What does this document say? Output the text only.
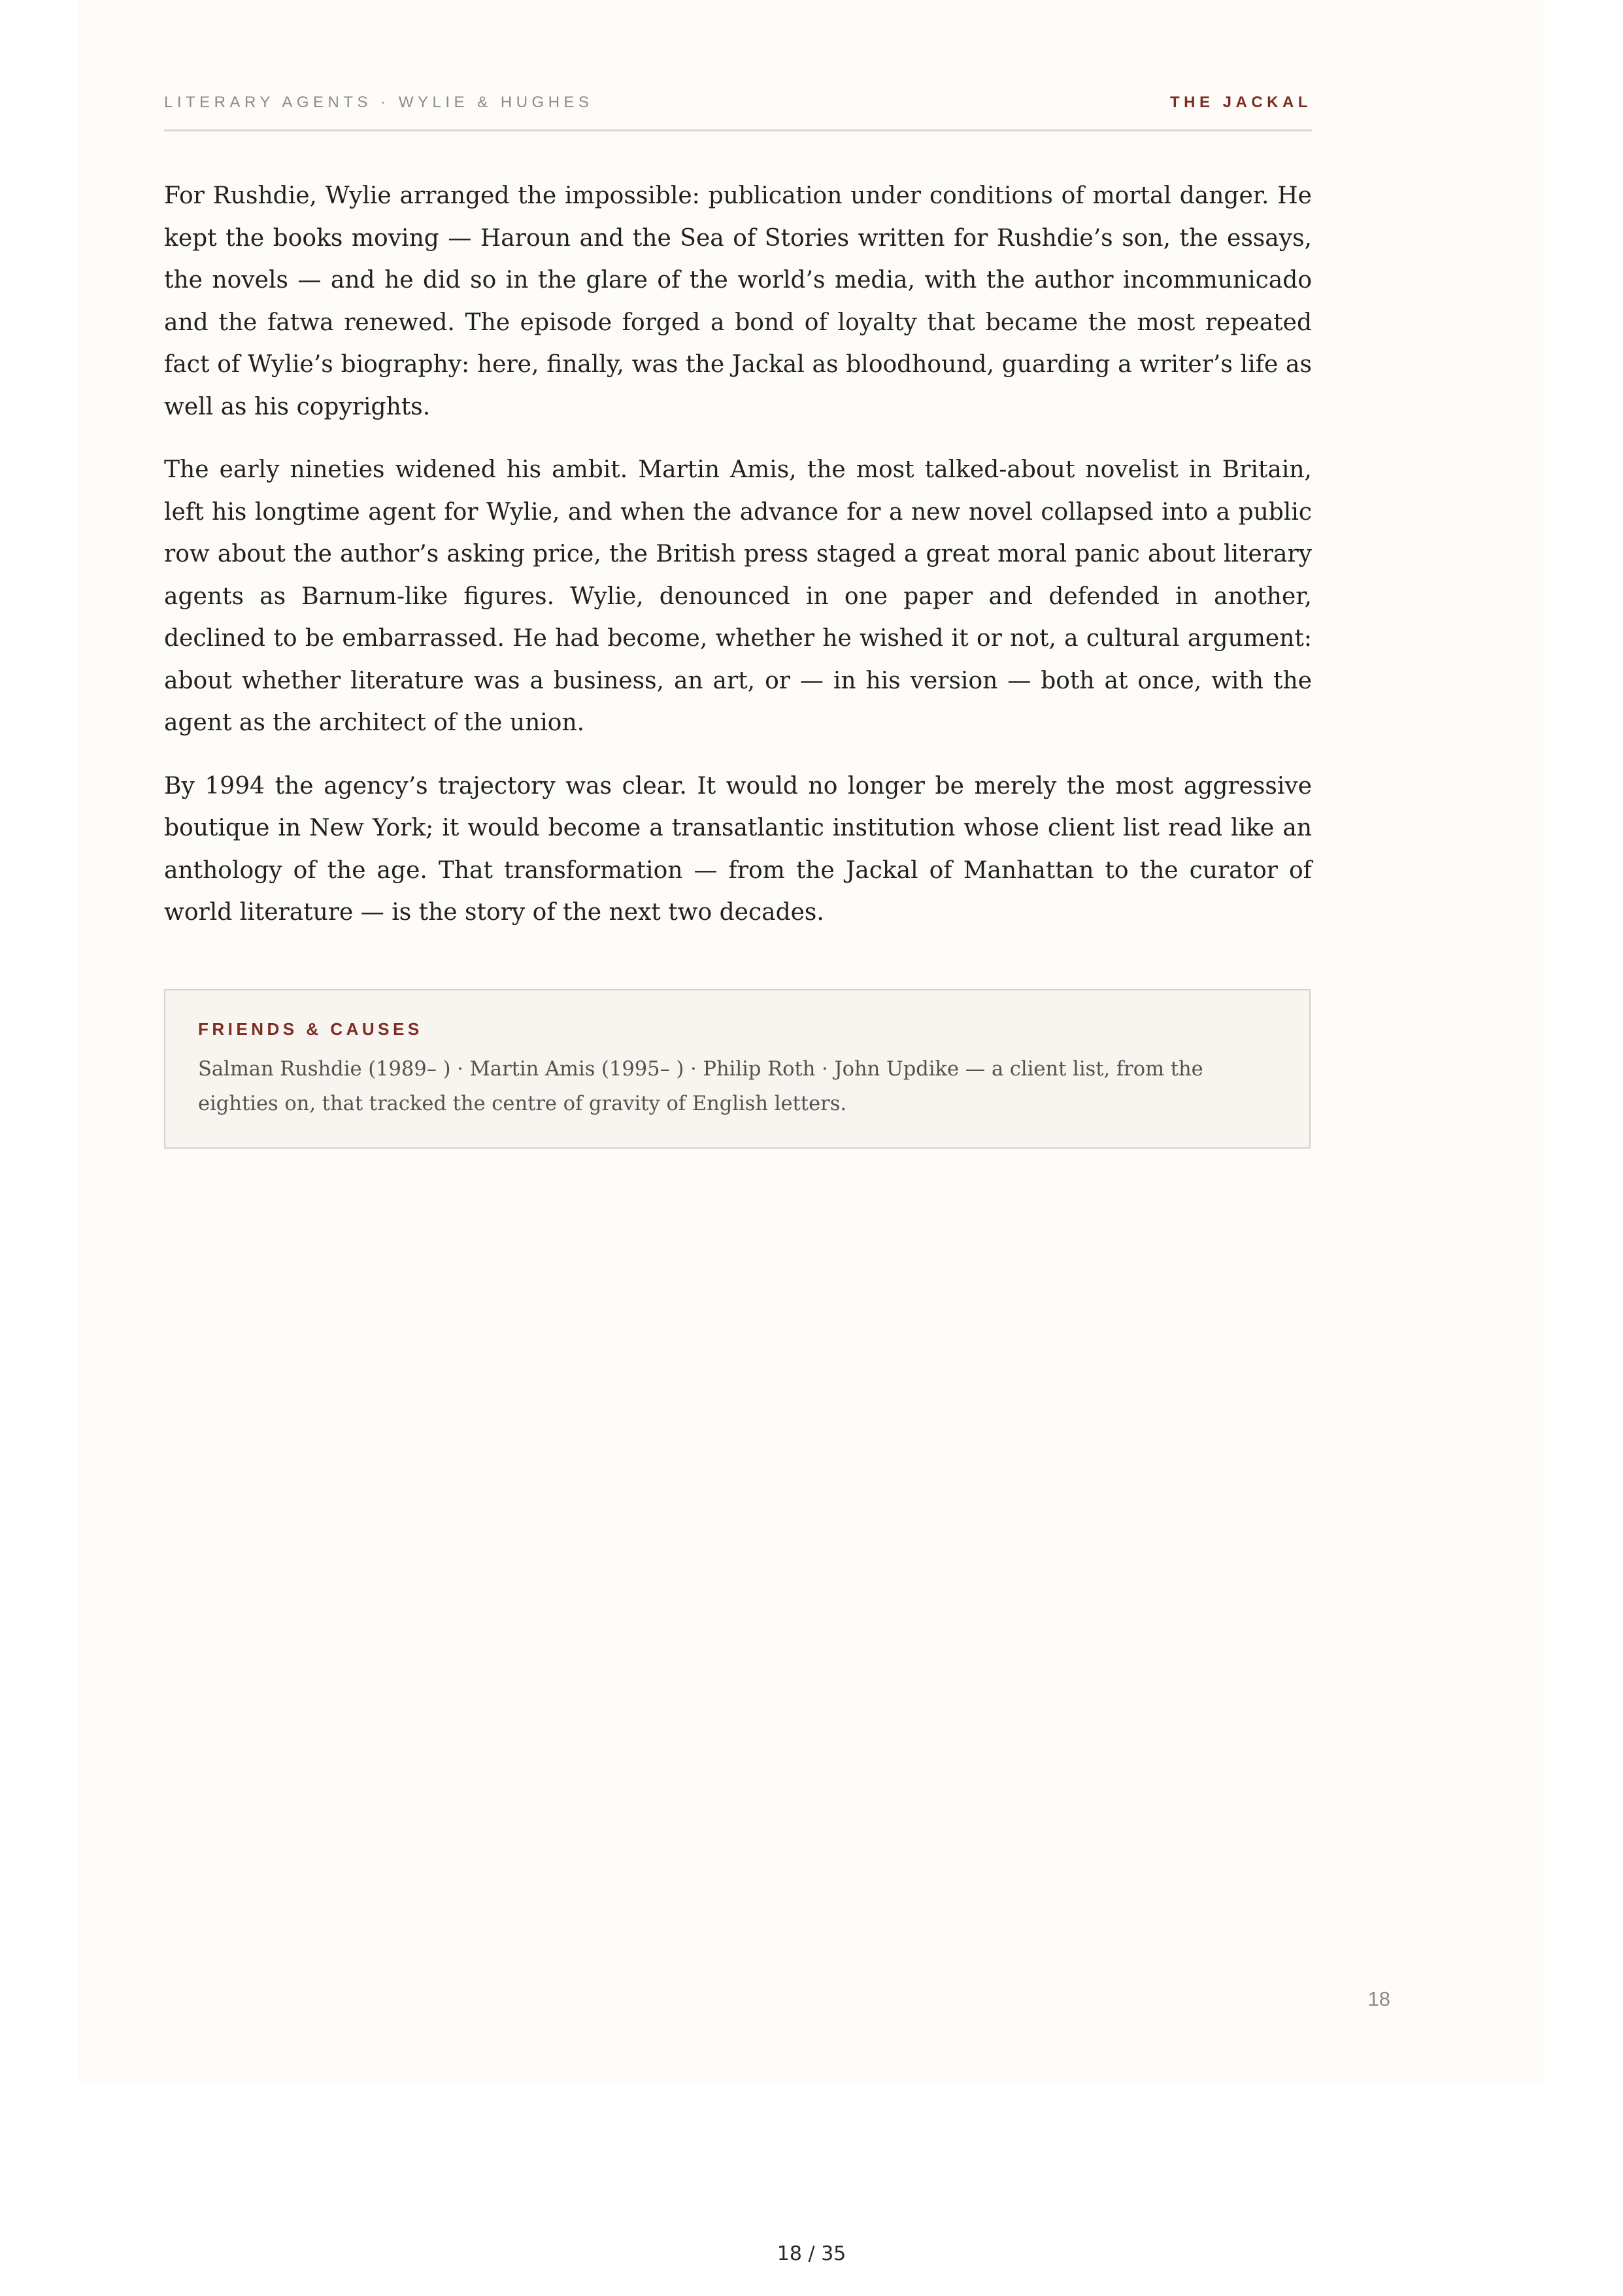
LITERARY AGENTS · WYLIE & HUGHES	THE JACKAL

For Rushdie, Wylie arranged the impossible: publication under conditions of mortal danger. He kept the books moving — Haroun and the Sea of Stories written for Rushdie’s son, the essays, the novels — and he did so in the glare of the world’s media, with the author incommunicado and the fatwa renewed. The episode forged a bond of loyalty that became the most repeated fact of Wylie’s biography: here, finally, was the Jackal as bloodhound, guarding a writer’s life as well as his copyrights.

The early nineties widened his ambit. Martin Amis, the most talked-about novelist in Britain, left his longtime agent for Wylie, and when the advance for a new novel collapsed into a public row about the author’s asking price, the British press staged a great moral panic about literary agents as Barnum-like figures. Wylie, denounced in one paper and defended in another, declined to be embarrassed. He had become, whether he wished it or not, a cultural argument: about whether literature was a business, an art, or — in his version — both at once, with the agent as the architect of the union.

By 1994 the agency’s trajectory was clear. It would no longer be merely the most aggressive boutique in New York; it would become a transatlantic institution whose client list read like an anthology of the age. That transformation — from the Jackal of Manhattan to the curator of world literature — is the story of the next two decades.

FRIENDS & CAUSES
Salman Rushdie (1989– ) · Martin Amis (1995– ) · Philip Roth · John Updike — a client list, from the eighties on, that tracked the centre of gravity of English letters.
18
18 / 35
